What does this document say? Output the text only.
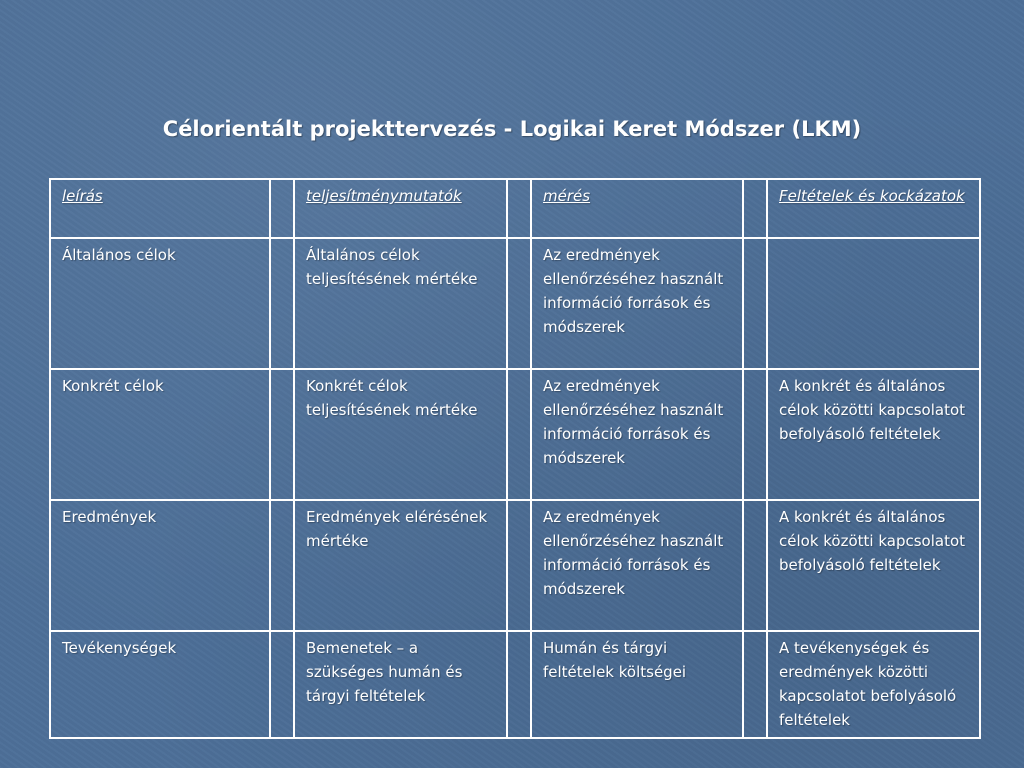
Célorientált projekttervezés - Logikai Keret Módszer (LKM)
leírás		teljesítménymutatók		mérés		Feltételek és kockázatok
Általános célok		Általános célok teljesítésének mértéke		Az eredmények ellenőrzéséhez használt információ források és módszerek		
Konkrét célok		Konkrét célok teljesítésének mértéke		Az eredmények ellenőrzéséhez használt információ források és módszerek		A konkrét és általános célok közötti kapcsolatot befolyásoló feltételek
Eredmények		Eredmények elérésének mértéke		Az eredmények ellenőrzéséhez használt információ források és módszerek		A konkrét és általános célok közötti kapcsolatot befolyásoló feltételek
Tevékenységek		Bemenetek – a szükséges humán és tárgyi feltételek		Humán és tárgyi feltételek költségei		A tevékenységek és eredmények közötti kapcsolatot befolyásoló feltételek
